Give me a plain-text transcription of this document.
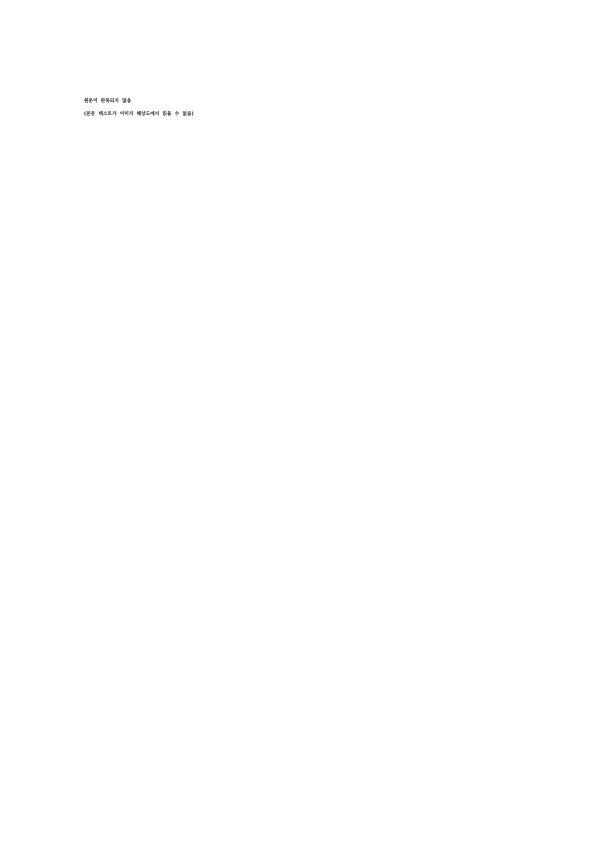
원문이 판독되지 않음

(본문 텍스트가 이미지 해상도에서 읽을 수 없음)
